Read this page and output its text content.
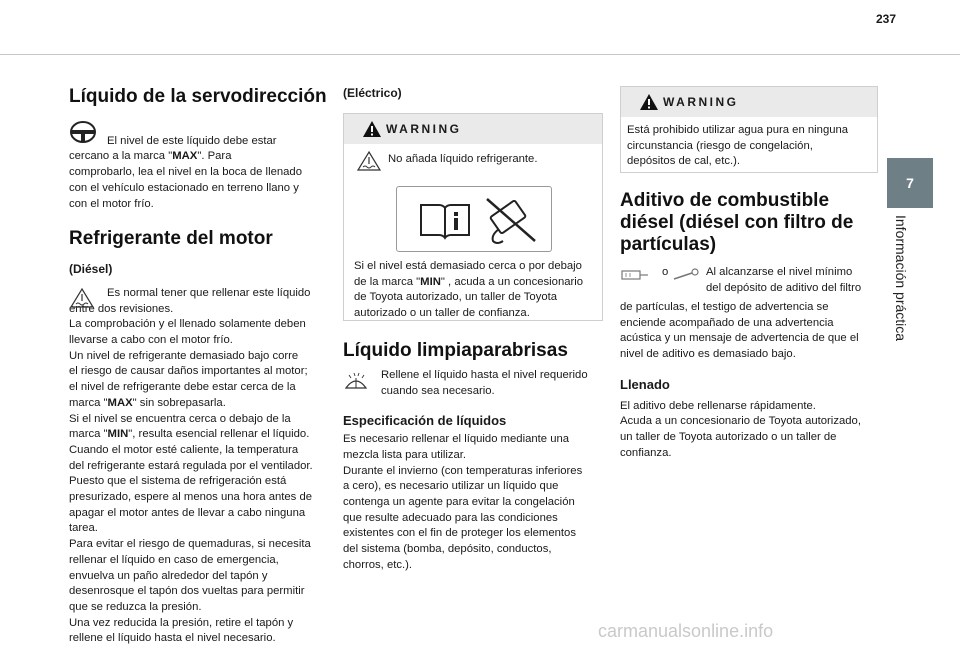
237
7
Información práctica
Líquido de la servodirección

El nivel de este líquido debe estar
cercano a la marca "MAX". Para
comprobarlo, lea el nivel en la boca de llenado
con el vehículo estacionado en terreno llano y
con el motor frío.

Refrigerante del motor
(Diésel)

Es normal tener que rellenar este líquido
entre dos revisiones.
La comprobación y el llenado solamente deben
llevarse a cabo con el motor frío.
Un nivel de refrigerante demasiado bajo corre
el riesgo de causar daños importantes al motor;
el nivel de refrigerante debe estar cerca de la
marca "MAX" sin sobrepasarla.
Si el nivel se encuentra cerca o debajo de la
marca "MIN", resulta esencial rellenar el líquido.
Cuando el motor esté caliente, la temperatura
del refrigerante estará regulada por el ventilador.
Puesto que el sistema de refrigeración está
presurizado, espere al menos una hora antes de
apagar el motor antes de llevar a cabo ninguna
tarea.
Para evitar el riesgo de quemaduras, si necesita
rellenar el líquido en caso de emergencia,
envuelva un paño alrededor del tapón y
desenrosque el tapón dos vueltas para permitir
que se reduzca la presión.
Una vez reducida la presión, retire el tapón y
rellene el líquido hasta el nivel necesario.

(Eléctrico)
WARNING
No añada líquido refrigerante.

Si el nivel está demasiado cerca o por debajo
de la marca "MIN" , acuda a un concesionario
de Toyota autorizado, un taller de Toyota
autorizado o un taller de confianza.

Líquido limpiaparabrisas

Rellene el líquido hasta el nivel requerido
cuando sea necesario.

Especificación de líquidos

Es necesario rellenar el líquido mediante una
mezcla lista para utilizar.
Durante el invierno (con temperaturas inferiores
a cero), es necesario utilizar un líquido que
contenga un agente para evitar la congelación
que resulte adecuado para las condiciones
existentes con el fin de proteger los elementos
del sistema (bomba, depósito, conductos,
chorros, etc.).

WARNING
Está prohibido utilizar agua pura en ninguna
circunstancia (riesgo de congelación,
depósitos de cal, etc.).
Aditivo de combustible
diésel (diésel con filtro de
partículas)
o	Al alcanzarse el nivel mínimo
del depósito de aditivo del filtro

de partículas, el testigo de advertencia se
enciende acompañado de una advertencia
acústica y un mensaje de advertencia de que el
nivel de aditivo es demasiado bajo.

Llenado

El aditivo debe rellenarse rápidamente.
Acuda a un concesionario de Toyota autorizado,
un taller de Toyota autorizado o un taller de
confianza.

carmanualsonline.info
